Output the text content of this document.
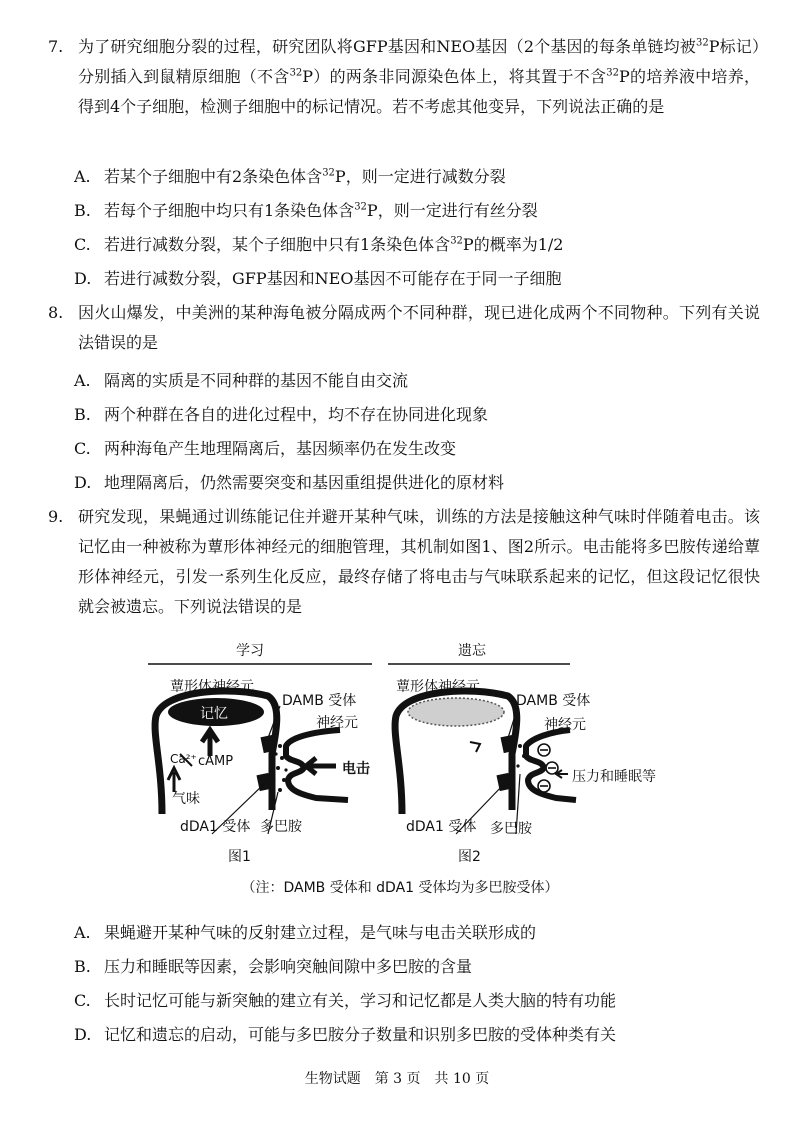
7. 为了研究细胞分裂的过程，研究团队将GFP基因和NEO基因（2个基因的每条单链均被$^{32}$P标记）分别插入到鼠精原细胞（不含$^{32}$P）的两条非同源染色体上，将其置于不含$^{32}$P的培养液中培养，得到4个子细胞，检测子细胞中的标记情况。若不考虑其他变异，下列说法正确的是
A. 若某个子细胞中有2条染色体含$^{32}$P，则一定进行减数分裂
B. 若每个子细胞中均只有1条染色体含$^{32}$P，则一定进行有丝分裂
C. 若进行减数分裂，某个子细胞中只有1条染色体含$^{32}$P的概率为1/2
D. 若进行减数分裂，GFP基因和NEO基因不可能存在于同一子细胞
8. 因火山爆发，中美洲的某种海龟被分隔成两个不同种群，现已进化成两个不同物种。下列有关说法错误的是
A. 隔离的实质是不同种群的基因不能自由交流
B. 两个种群在各自的进化过程中，均不存在协同进化现象
C. 两种海龟产生地理隔离后，基因频率仍在发生改变
D. 地理隔离后，仍然需要突变和基因重组提供进化的原材料
9. 研究发现，果蝇通过训练能记住并避开某种气味，训练的方法是接触这种气味时伴随着电击。该记忆由一种被称为蕈形体神经元的细胞管理，其机制如图1、图2所示。电击能将多巴胺传递给蕈形体神经元，引发一系列生化反应，最终存储了将电击与气味联系起来的记忆，但这段记忆很快就会被遗忘。下列说法错误的是
学习
蕈形体神经元
记忆
DAMB 受体
神经元
Ca²⁺ cAMP
气味
电击
dDA1 受体 多巴胺
图1
遗忘
蕈形体神经元
DAMB 受体
神经元
压力和睡眠等
dDA1 受体 多巴胺
图2
（注：DAMB 受体和 dDA1 受体均为多巴胺受体）
A. 果蝇避开某种气味的反射建立过程，是气味与电击关联形成的
B. 压力和睡眠等因素，会影响突触间隙中多巴胺的含量
C. 长时记忆可能与新突触的建立有关，学习和记忆都是人类大脑的特有功能
D. 记忆和遗忘的启动，可能与多巴胺分子数量和识别多巴胺的受体种类有关
生物试题　第 3 页　共 10 页
